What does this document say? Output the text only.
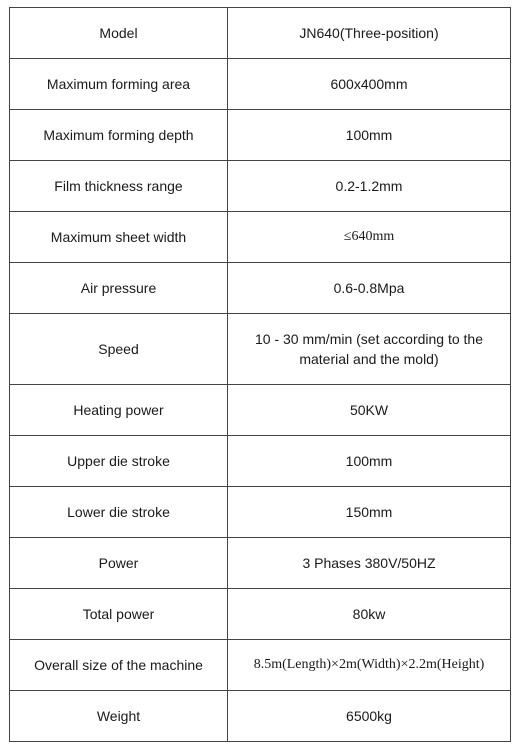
Model	JN640(Three-position)
Maximum forming area	600x400mm
Maximum forming depth	100mm
Film thickness range	0.2-1.2mm
Maximum sheet width	≤640mm
Air pressure	0.6-0.8Mpa
Speed	10 - 30 mm/min (set according to the material and the mold)
Heating power	50KW
Upper die stroke	100mm
Lower die stroke	150mm
Power	3 Phases 380V/50HZ
Total power	80kw
Overall size of the machine	8.5m(Length)×2m(Width)×2.2m(Height)
Weight	6500kg
